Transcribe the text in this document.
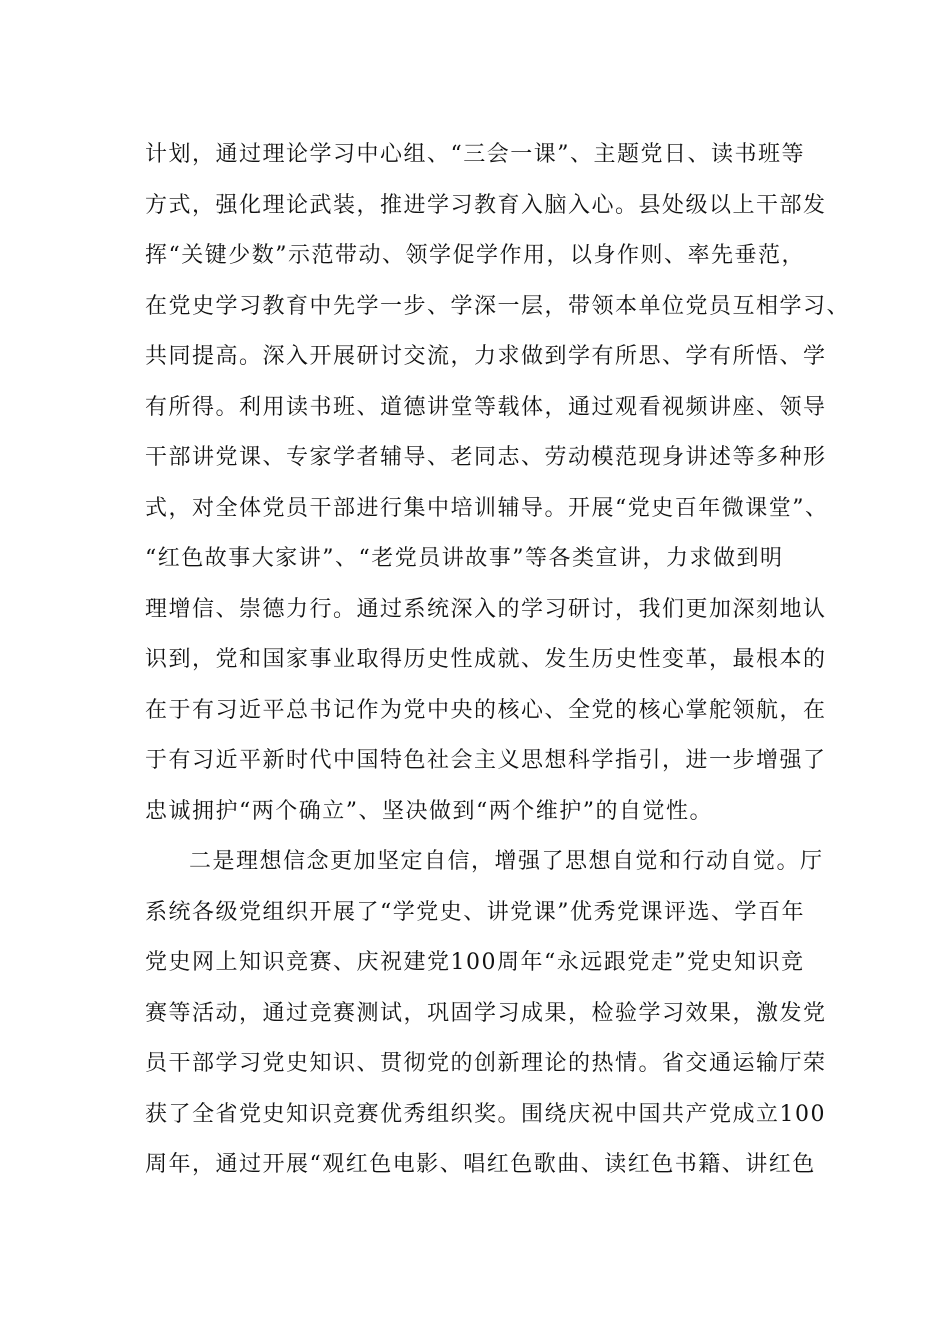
计划，通过理论学习中心组、“三会一课”、主题党日、读书班等
方式，强化理论武装，推进学习教育入脑入心。县处级以上干部发
挥“关键少数”示范带动、领学促学作用，以身作则、率先垂范，
在党史学习教育中先学一步、学深一层，带领本单位党员互相学习、
共同提高。深入开展研讨交流，力求做到学有所思、学有所悟、学
有所得。利用读书班、道德讲堂等载体，通过观看视频讲座、领导
干部讲党课、专家学者辅导、老同志、劳动模范现身讲述等多种形
式，对全体党员干部进行集中培训辅导。开展“党史百年微课堂”、
“红色故事大家讲”、“老党员讲故事”等各类宣讲，力求做到明
理增信、崇德力行。通过系统深入的学习研讨，我们更加深刻地认
识到，党和国家事业取得历史性成就、发生历史性变革，最根本的
在于有习近平总书记作为党中央的核心、全党的核心掌舵领航，在
于有习近平新时代中国特色社会主义思想科学指引，进一步增强了
忠诚拥护“两个确立”、坚决做到“两个维护”的自觉性。
二是理想信念更加坚定自信，增强了思想自觉和行动自觉。厅
系统各级党组织开展了“学党史、讲党课”优秀党课评选、学百年
党史网上知识竞赛、庆祝建党100周年“永远跟党走”党史知识竞
赛等活动，通过竞赛测试，巩固学习成果，检验学习效果，激发党
员干部学习党史知识、贯彻党的创新理论的热情。省交通运输厅荣
获了全省党史知识竞赛优秀组织奖。围绕庆祝中国共产党成立100
周年，通过开展“观红色电影、唱红色歌曲、读红色书籍、讲红色
